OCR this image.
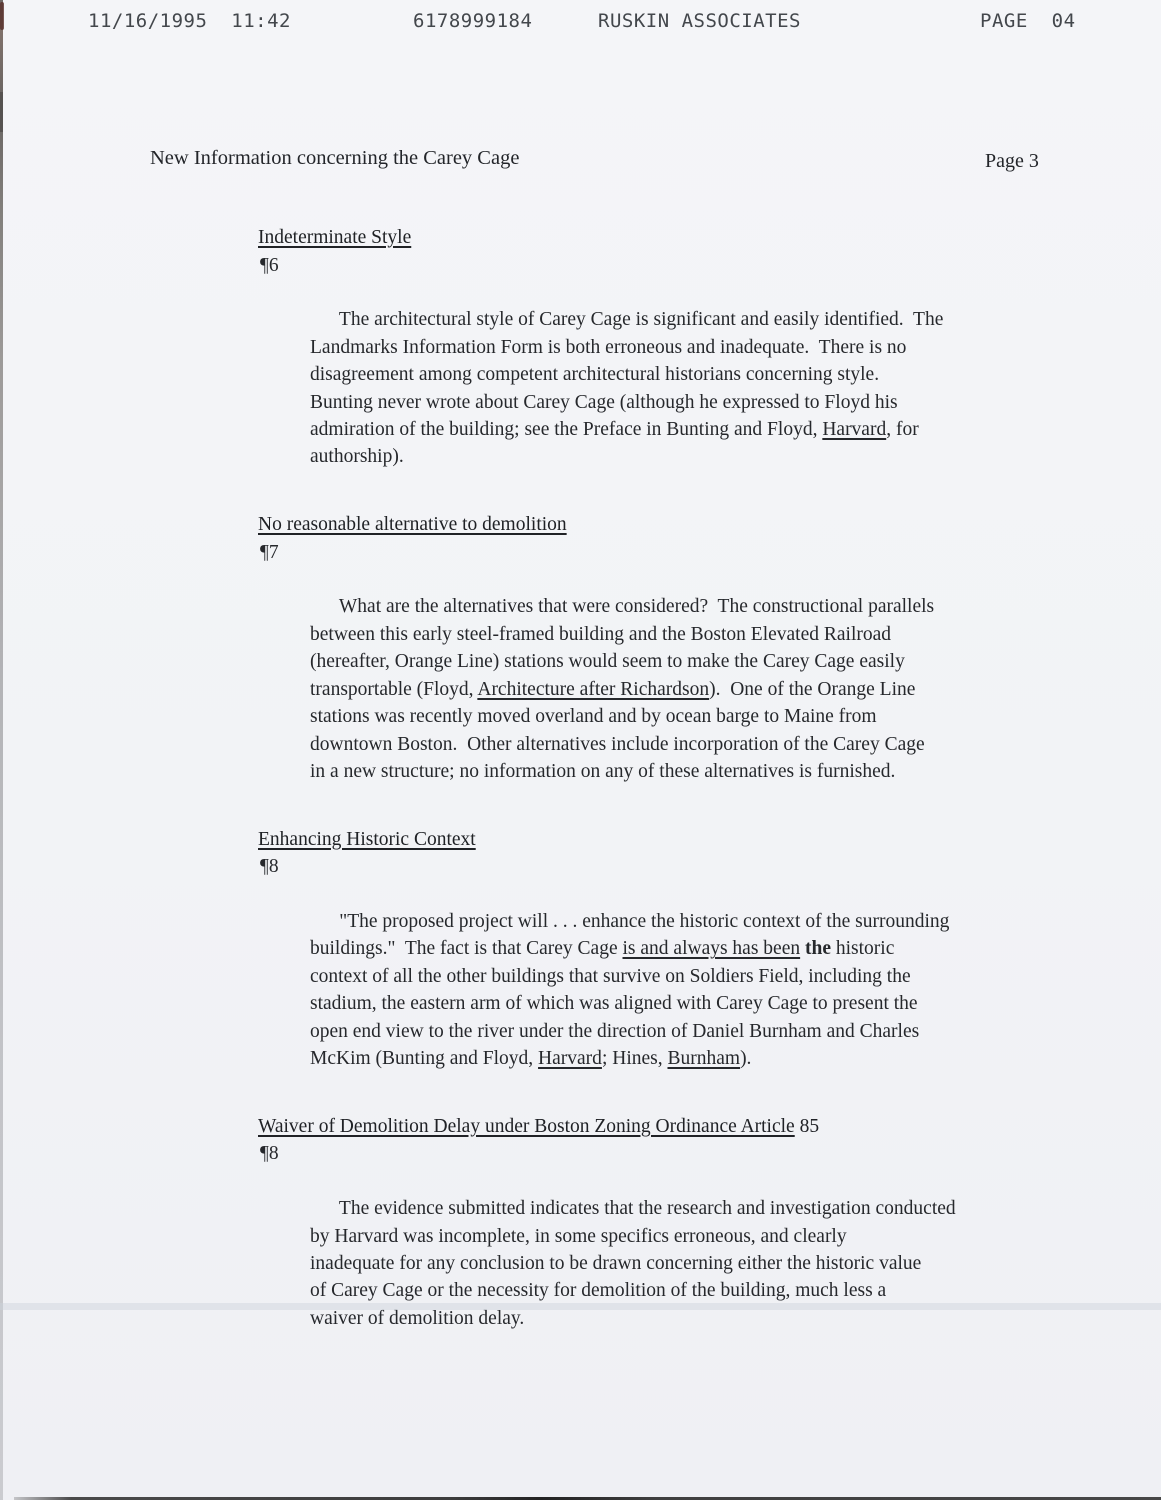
11/16/1995  11:42	6178999184	RUSKIN ASSOCIATES	PAGE  04
New Information concerning the Carey Cage	Page 3
Indeterminate Style

¶6

The architectural style of Carey Cage is significant and easily identified.  The
Landmarks Information Form is both erroneous and inadequate.  There is no
disagreement among competent architectural historians concerning style.
Bunting never wrote about Carey Cage (although he expressed to Floyd his
admiration of the building; see the Preface in Bunting and Floyd, Harvard, for
authorship).

No reasonable alternative to demolition

¶7

What are the alternatives that were considered?  The constructional parallels
between this early steel-framed building and the Boston Elevated Railroad
(hereafter, Orange Line) stations would seem to make the Carey Cage easily
transportable (Floyd, Architecture after Richardson).  One of the Orange Line
stations was recently moved overland and by ocean barge to Maine from
downtown Boston.  Other alternatives include incorporation of the Carey Cage
in a new structure; no information on any of these alternatives is furnished.

Enhancing Historic Context

¶8

"The proposed project will . . . enhance the historic context of the surrounding
buildings."  The fact is that Carey Cage is and always has been the historic
context of all the other buildings that survive on Soldiers Field, including the
stadium, the eastern arm of which was aligned with Carey Cage to present the
open end view to the river under the direction of Daniel Burnham and Charles
McKim (Bunting and Floyd, Harvard; Hines, Burnham).

Waiver of Demolition Delay under Boston Zoning Ordinance Article 85

¶8

The evidence submitted indicates that the research and investigation conducted
by Harvard was incomplete, in some specifics erroneous, and clearly
inadequate for any conclusion to be drawn concerning either the historic value
of Carey Cage or the necessity for demolition of the building, much less a
waiver of demolition delay.
